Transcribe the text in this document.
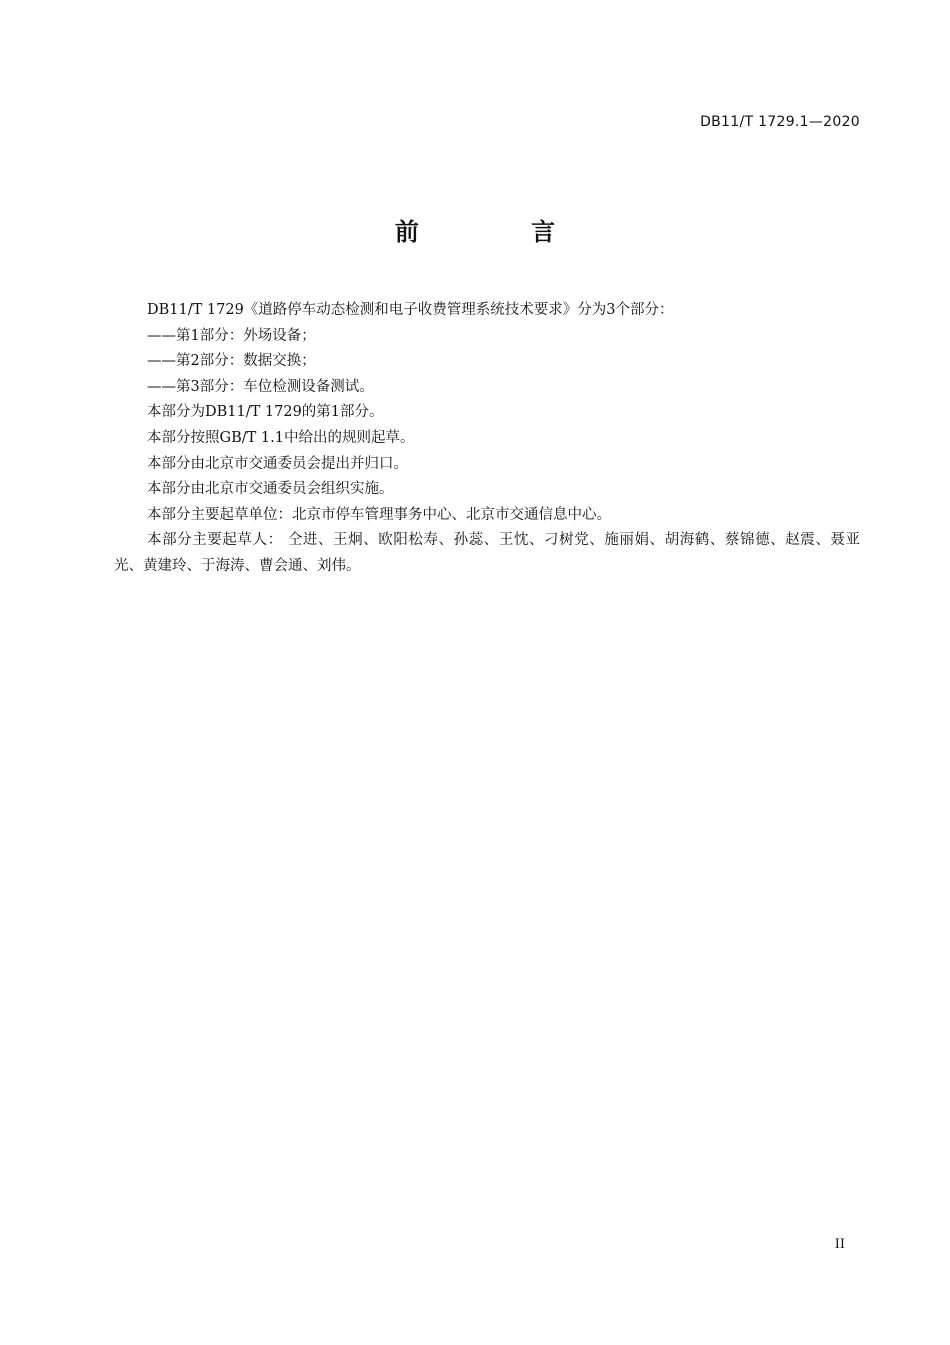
DB11/T 1729.1—2020
前 言

DB11/T 1729《道路停车动态检测和电子收费管理系统技术要求》分为3个部分：

——第1部分：外场设备；

——第2部分：数据交换；

——第3部分：车位检测设备测试。

本部分为DB11/T 1729的第1部分。

本部分按照GB/T 1.1中给出的规则起草。

本部分由北京市交通委员会提出并归口。

本部分由北京市交通委员会组织实施。

本部分主要起草单位：北京市停车管理事务中心、北京市交通信息中心。

本部分主要起草人： 仝进、王炯、欧阳松寿、孙蕊、王忱、刁树党、施丽娟、胡海鹤、蔡锦德、赵震、聂亚光、黄建玲、于海涛、曹会通、刘伟。

II
